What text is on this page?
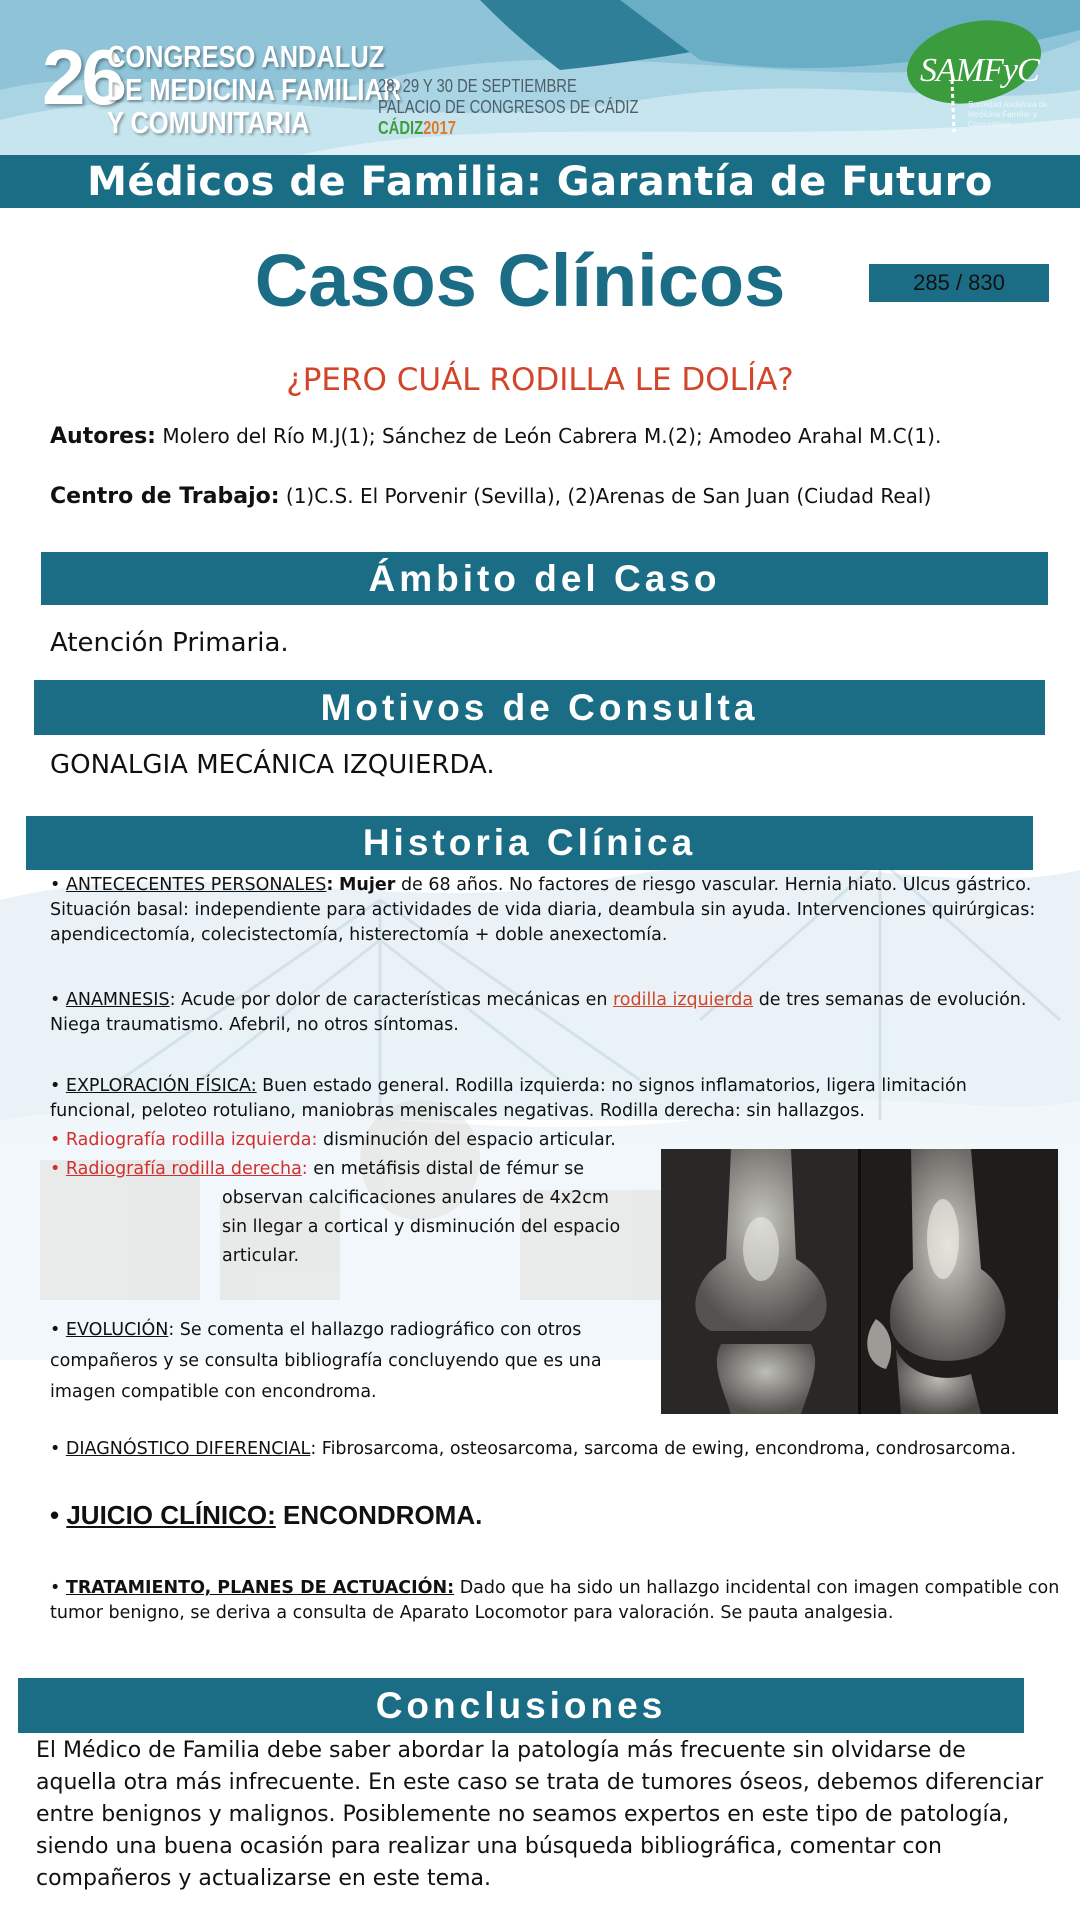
26
CONGRESO ANDALUZ
DE MEDICINA FAMILIAR
Y COMUNITARIA
28, 29 Y 30 DE SEPTIEMBRE
PALACIO DE CONGRESOS DE CÁDIZ
CÁDIZ2017
SAMFyC
Sociedad Andaluza de Medicina Familiar y Comunitaria
Médicos de Familia: Garantía de Futuro
Casos Clínicos	285 / 830
¿PERO CUÁL RODILLA LE DOLÍA?
Autores: Molero del Río M.J(1); Sánchez de León Cabrera M.(2); Amodeo Arahal M.C(1).
Centro de Trabajo: (1)C.S. El Porvenir (Sevilla), (2)Arenas de San Juan (Ciudad Real)
Ámbito del Caso
Atención Primaria.
Motivos de Consulta
GONALGIA MECÁNICA IZQUIERDA.
Historia Clínica
• ANTECECENTES PERSONALES: Mujer de 68 años. No factores de riesgo vascular. Hernia hiato. Ulcus gástrico.
Situación basal: independiente para actividades de vida diaria, deambula sin ayuda. Intervenciones quirúrgicas:
apendicectomía, colecistectomía, histerectomía + doble anexectomía.
• ANAMNESIS: Acude por dolor de características mecánicas en rodilla izquierda de tres semanas de evolución.
Niega traumatismo. Afebril, no otros síntomas.
• EXPLORACIÓN FÍSICA: Buen estado general. Rodilla izquierda: no signos inflamatorios, ligera limitación
funcional, peloteo rotuliano, maniobras meniscales negativas. Rodilla derecha: sin hallazgos.
• Radiografía rodilla izquierda: disminución del espacio articular.
• Radiografía rodilla derecha: en metáfisis distal de fémur se
observan calcificaciones anulares de 4x2cm
sin llegar a cortical y disminución del espacio
articular.
• EVOLUCIÓN: Se comenta el hallazgo radiográfico con otros
compañeros y se consulta bibliografía concluyendo que es una
imagen compatible con encondroma.
• DIAGNÓSTICO DIFERENCIAL: Fibrosarcoma, osteosarcoma, sarcoma de ewing, encondroma, condrosarcoma.
• JUICIO CLÍNICO: ENCONDROMA.
• TRATAMIENTO, PLANES DE ACTUACIÓN: Dado que ha sido un hallazgo incidental con imagen compatible con
tumor benigno, se deriva a consulta de Aparato Locomotor para valoración. Se pauta analgesia.
Conclusiones
El Médico de Familia debe saber abordar la patología más frecuente sin olvidarse de
aquella otra más infrecuente. En este caso se trata de tumores óseos, debemos diferenciar
entre benignos y malignos. Posiblemente no seamos expertos en este tipo de patología,
siendo una buena ocasión para realizar una búsqueda bibliográfica, comentar con
compañeros y actualizarse en este tema.
